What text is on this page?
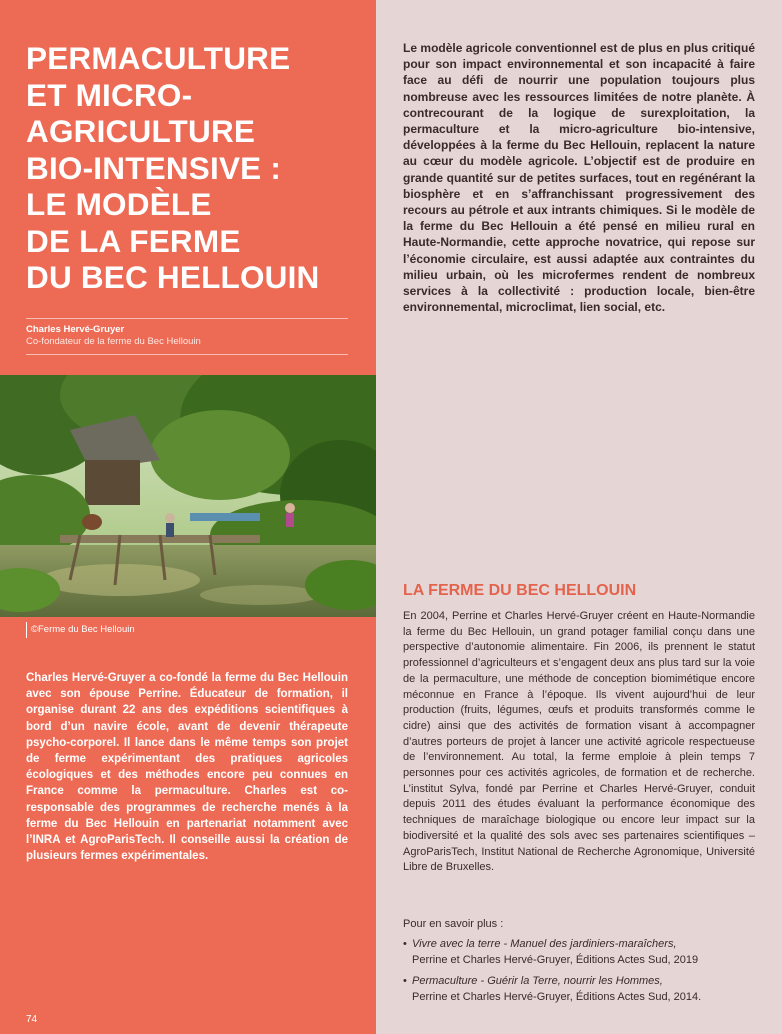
PERMACULTURE
ET MICRO-
AGRICULTURE
BIO-INTENSIVE :
LE MODÈLE
DE LA FERME
DU BEC HELLOUIN
Charles Hervé-Gruyer
Co-fondateur de la ferme du Bec Hellouin
©Ferme du Bec Hellouin

Charles Hervé-Gruyer a co-fondé la ferme du Bec Hellouin avec son épouse Perrine. Éducateur de formation, il organise durant 22 ans des expéditions scientifiques à bord d’un navire école, avant de devenir thérapeute psycho-corporel. Il lance dans le même temps son projet de ferme expérimentant des pratiques agricoles écologiques et des méthodes encore peu connues en France comme la permaculture. Charles est co-responsable des programmes de recherche menés à la ferme du Bec Hellouin en partenariat notamment avec l’INRA et AgroParisTech. Il conseille aussi la création de plusieurs fermes expérimentales.

74

Le modèle agricole conventionnel est de plus en plus critiqué pour son impact environnemental et son incapacité à faire face au défi de nourrir une population toujours plus nombreuse avec les ressources limitées de notre planète. À contrecourant de la logique de surexploitation, la permaculture et la micro-agriculture bio-intensive, développées à la ferme du Bec Hellouin, replacent la nature au cœur du modèle agricole. L’objectif est de produire en grande quantité sur de petites surfaces, tout en regénérant la biosphère et en s’affranchissant progressivement des recours au pétrole et aux intrants chimiques. Si le modèle de la ferme du Bec Hellouin a été pensé en milieu rural en Haute-Normandie, cette approche novatrice, qui repose sur l’économie circulaire, est aussi adaptée aux contraintes du milieu urbain, où les microfermes rendent de nombreux services à la collectivité : production locale, bien-être environnemental, microclimat, lien social, etc.

LA FERME DU BEC HELLOUIN

En 2004, Perrine et Charles Hervé-Gruyer créent en Haute-Normandie la ferme du Bec Hellouin, un grand potager familial conçu dans une perspective d’autonomie alimentaire. Fin 2006, ils prennent le statut professionnel d’agriculteurs et s’engagent deux ans plus tard sur la voie de la permaculture, une méthode de conception biomimétique encore méconnue en France à l’époque. Ils vivent aujourd’hui de leur production (fruits, légumes, œufs et produits transformés comme le cidre) ainsi que des activités de formation visant à accompagner d’autres porteurs de projet à lancer une activité agricole respectueuse de l’environnement. Au total, la ferme emploie à plein temps 7 personnes pour ces activités agricoles, de formation et de recherche. L’institut Sylva, fondé par Perrine et Charles Hervé-Gruyer, conduit depuis 2011 des études évaluant la performance économique des techniques de maraîchage biologique ou encore leur impact sur la biodiversité et la qualité des sols avec ses partenaires scientifiques – AgroParisTech, Institut National de Recherche Agronomique, Université Libre de Bruxelles.

Pour en savoir plus :

• Vivre avec la terre - Manuel des jardiniers-maraîchers,
Perrine et Charles Hervé-Gruyer, Éditions Actes Sud, 2019
• Permaculture - Guérir la Terre, nourrir les Hommes,
Perrine et Charles Hervé-Gruyer, Éditions Actes Sud, 2014.
